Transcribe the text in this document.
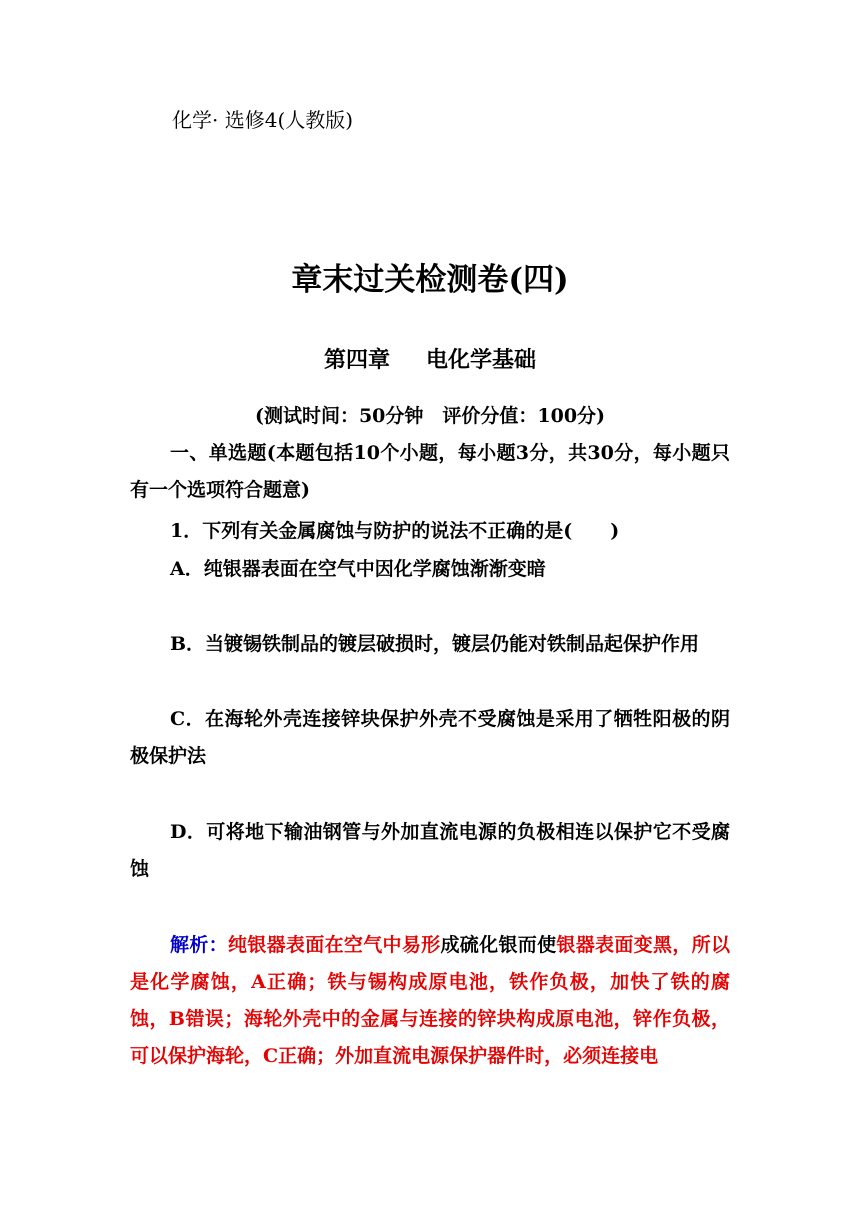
化学· 选修4(人教版)
章末过关检测卷(四)
第四章 电化学基础
(测试时间：50分钟　评价分值：100分)

一、单选题(本题包括10个小题，每小题3分，共30分，每小题只有一个选项符合题意)

1．下列有关金属腐蚀与防护的说法不正确的是(　　)

A．纯银器表面在空气中因化学腐蚀渐渐变暗

B．当镀锡铁制品的镀层破损时，镀层仍能对铁制品起保护作用

C．在海轮外壳连接锌块保护外壳不受腐蚀是采用了牺牲阳极的阴极保护法

D．可将地下输油钢管与外加直流电源的负极相连以保护它不受腐蚀

解析：纯银器表面在空气中易形成硫化银而使银器表面变黑，所以是化学腐蚀，A正确；铁与锡构成原电池，铁作负极，加快了铁的腐蚀，B错误；海轮外壳中的金属与连接的锌块构成原电池，锌作负极，可以保护海轮，C正确；外加直流电源保护器件时，必须连接电
